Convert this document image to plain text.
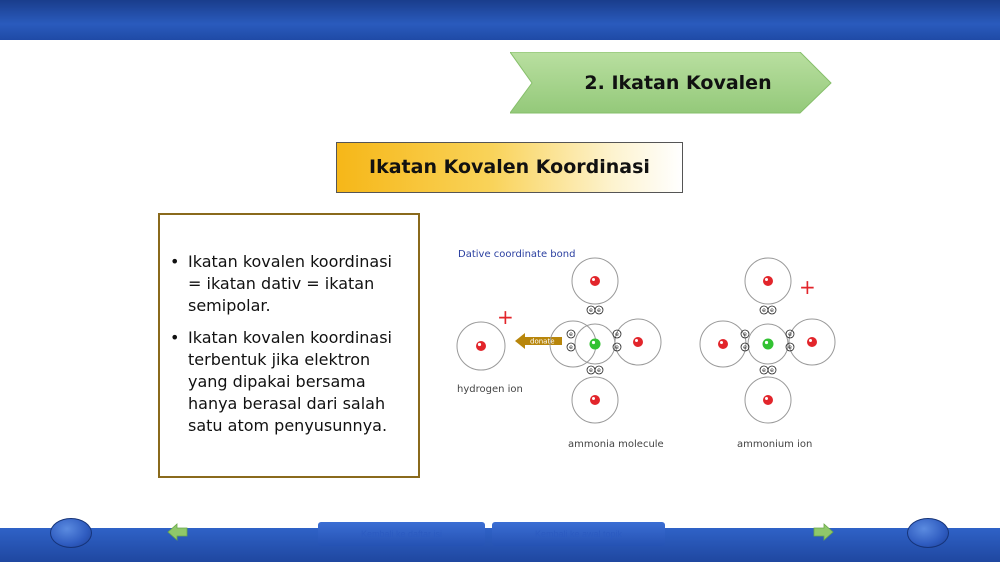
2. Ikatan Kovalen
Ikatan Kovalen Koordinasi
• Ikatan kovalen koordinasi = ikatan dativ = ikatan semipolar.
• Ikatan kovalen koordinasi terbentuk jika elektron yang dipakai bersama hanya berasal dari salah satu atom penyusunnya.
Dative coordinate bond
+
hydrogen ion
donate
e e
e e
e
e
e
e
ammonia molecule
+
e e
e e
e
e
e
e
ammonium ion
Kembali ke daftar isi	Kembali ke awal topik
